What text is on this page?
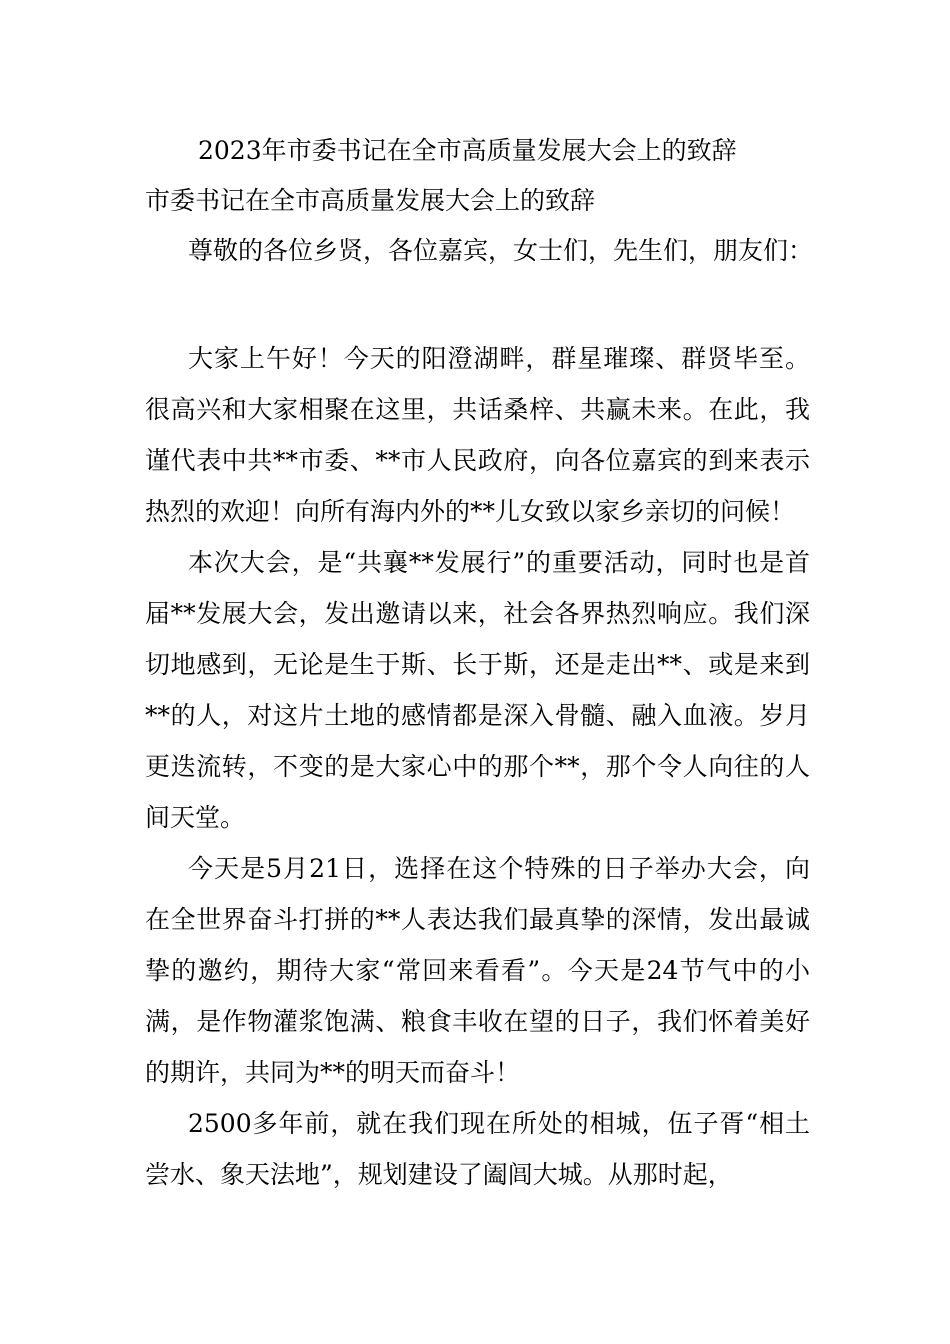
2023年市委书记在全市高质量发展大会上的致辞
市委书记在全市高质量发展大会上的致辞
尊敬的各位乡贤，各位嘉宾，女士们，先生们，朋友们：

大家上午好！今天的阳澄湖畔，群星璀璨、群贤毕至。很高兴和大家相聚在这里，共话桑梓、共赢未来。在此，我谨代表中共**市委、**市人民政府，向各位嘉宾的到来表示热烈的欢迎！向所有海内外的**儿女致以家乡亲切的问候！

本次大会，是“共襄**发展行”的重要活动，同时也是首届**发展大会，发出邀请以来，社会各界热烈响应。我们深切地感到，无论是生于斯、长于斯，还是走出**、或是来到**的人，对这片土地的感情都是深入骨髓、融入血液。岁月更迭流转，不变的是大家心中的那个**，那个令人向往的人间天堂。

今天是5月21日，选择在这个特殊的日子举办大会，向在全世界奋斗打拼的**人表达我们最真挚的深情，发出最诚挚的邀约，期待大家“常回来看看”。今天是24节气中的小满，是作物灌浆饱满、粮食丰收在望的日子，我们怀着美好的期许，共同为**的明天而奋斗！

2500多年前，就在我们现在所处的相城，伍子胥“相土尝水、象天法地”，规划建设了阖闾大城。从那时起，
